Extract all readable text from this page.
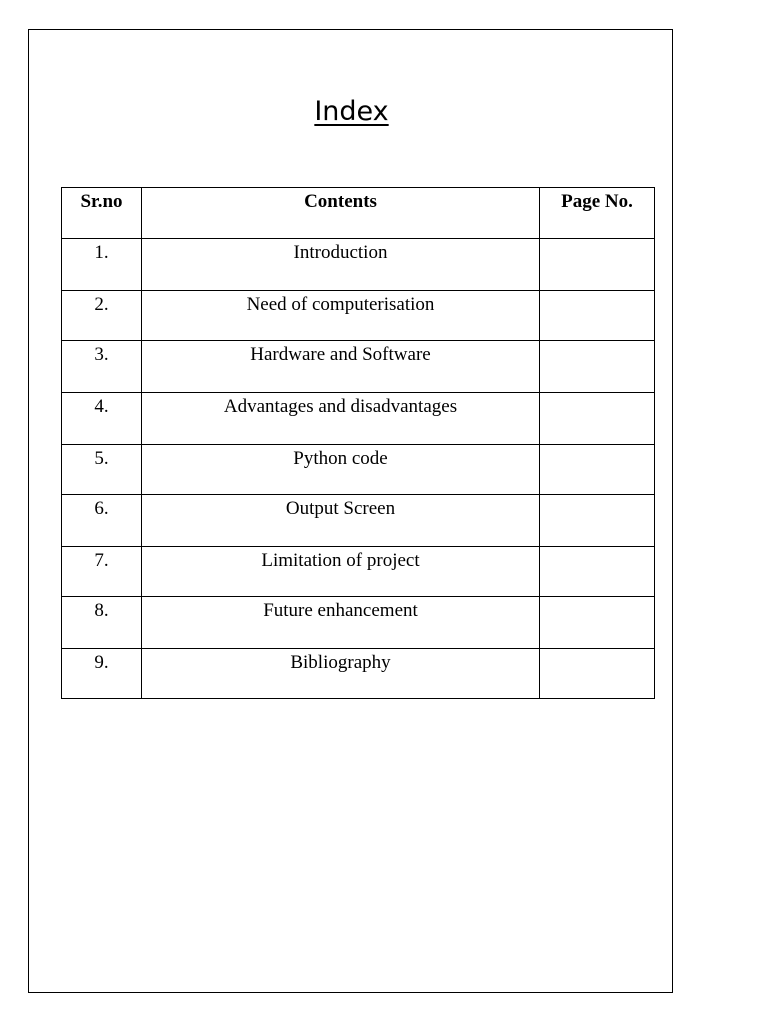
Index
Sr.no	Contents	Page No.
1.	Introduction	
2.	Need of computerisation	
3.	Hardware and Software	
4.	Advantages and disadvantages	
5.	Python code	
6.	Output Screen	
7.	Limitation of project	
8.	Future enhancement	
9.	Bibliography	
